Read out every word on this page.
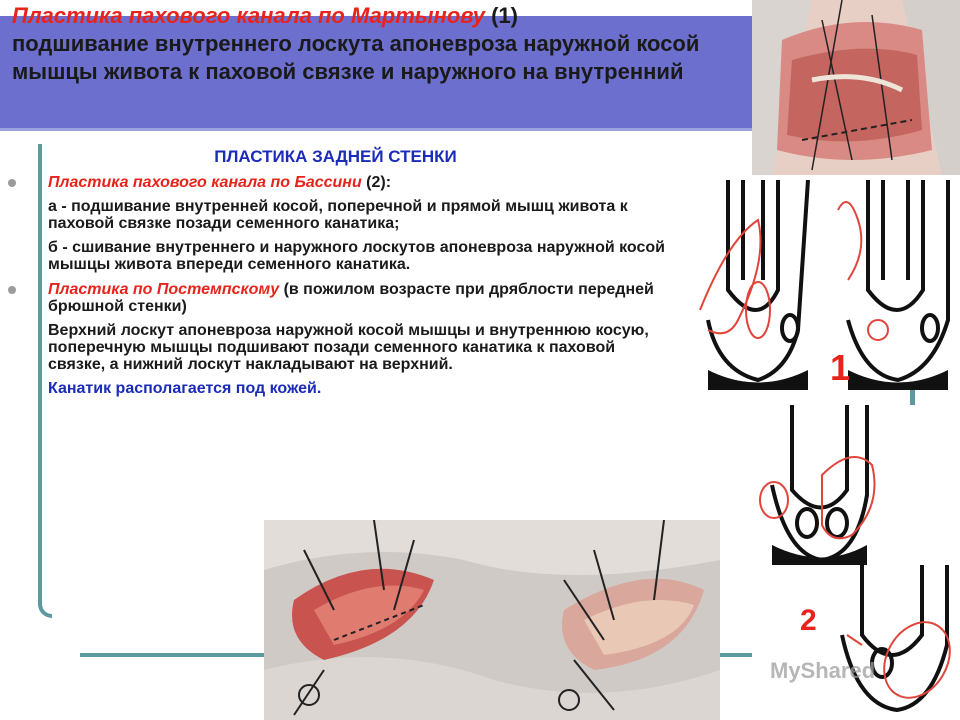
Пластика пахового канала по Мартынову (1)
подшивание внутреннего лоскута апоневроза наружной косой мышцы живота к паховой связке и наружного на внутренний
ПЛАСТИКА ЗАДНЕЙ СТЕНКИ
Пластика пахового канала по Бассини (2):
а - подшивание внутренней косой, поперечной и прямой мышц живота к паховой связке позади семенного канатика;
б - сшивание внутреннего и наружного лоскутов апоневроза наружной косой мышцы живота впереди семенного канатика.
Пластика по Постемпскому (в пожилом возрасте при дряблости передней брюшной стенки)
Верхний лоскут апоневроза наружной косой мышцы и внутреннюю косую, поперечную мышцы подшивают позади семенного канатика к паховой связке, а нижний лоскут накладывают на верхний.
Канатик располагается под кожей.
1
2
MyShared
